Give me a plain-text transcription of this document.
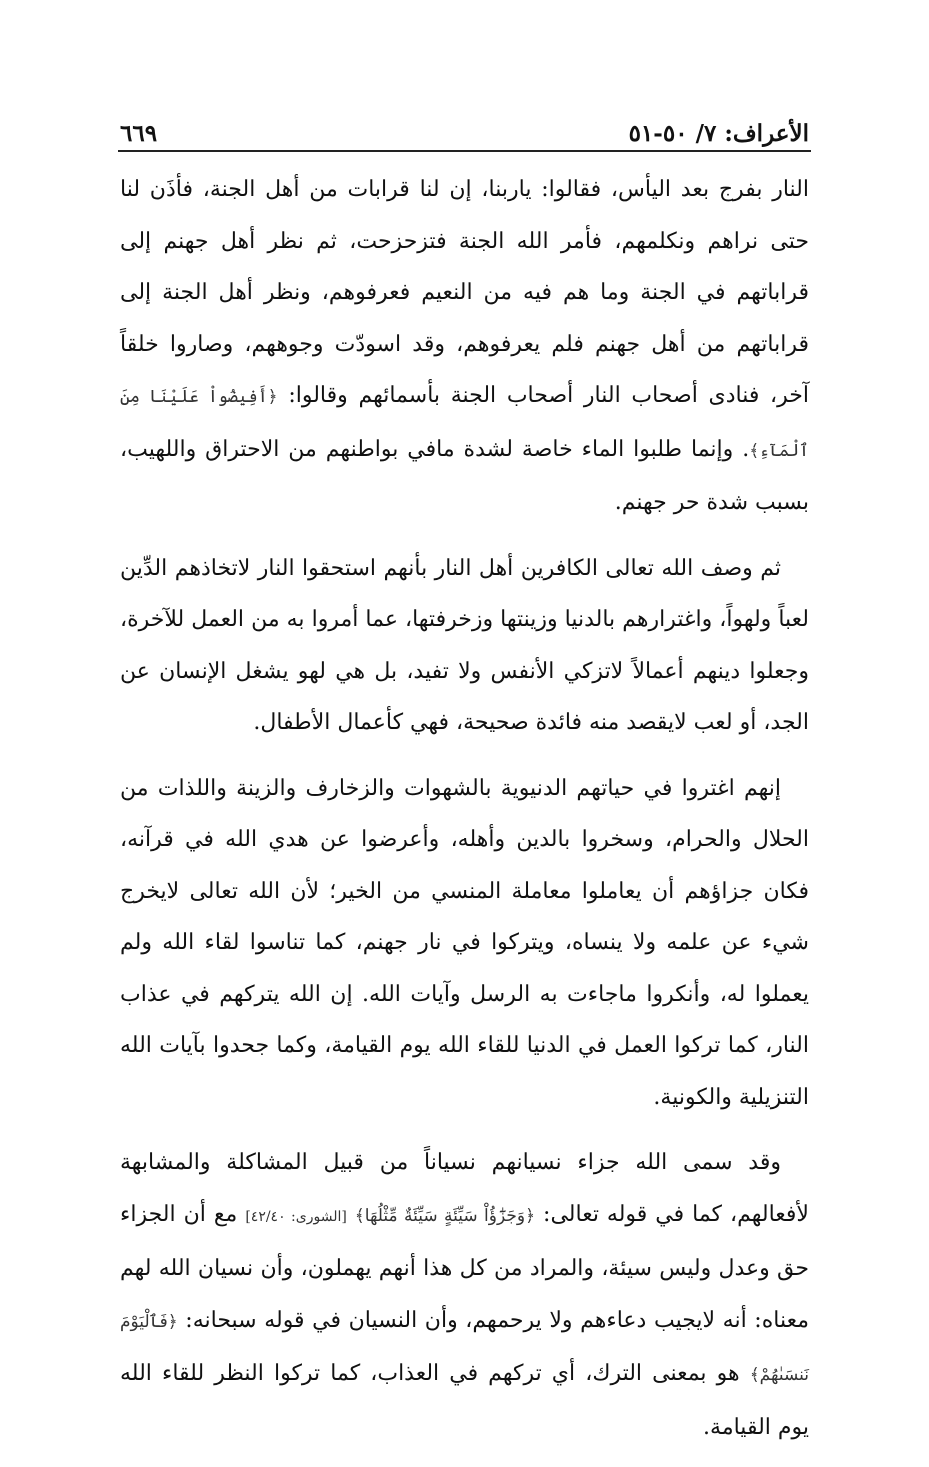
الأعراف: ٧/ ٥٠-٥١
٦٦٩

النار بفرج بعد اليأس، فقالوا: ياربنا، إن لنا قرابات من أهل الجنة، فأذَن لنا حتى نراهم ونكلمهم، فأمر الله الجنة فتزحزحت، ثم نظر أهل جهنم إلى قراباتهم في الجنة وما هم فيه من النعيم فعرفوهم، ونظر أهل الجنة إلى قراباتهم من أهل جهنم فلم يعرفوهم، وقد اسودّت وجوههم، وصاروا خلقاً آخر، فنادى أصحاب النار أصحاب الجنة بأسمائهم وقالوا: ﴿أَفِيضُواْ عَلَيْنَا مِنَ ٱلْمَآءِ﴾. وإنما طلبوا الماء خاصة لشدة مافي بواطنهم من الاحتراق واللهيب، بسبب شدة حر جهنم.

ثم وصف الله تعالى الكافرين أهل النار بأنهم استحقوا النار لاتخاذهم الدِّين لعباً ولهواً، واغترارهم بالدنيا وزينتها وزخرفتها، عما أمروا به من العمل للآخرة، وجعلوا دينهم أعمالاً لاتزكي الأنفس ولا تفيد، بل هي لهو يشغل الإنسان عن الجد، أو لعب لايقصد منه فائدة صحيحة، فهي كأعمال الأطفال.

إنهم اغتروا في حياتهم الدنيوية بالشهوات والزخارف والزينة واللذات من الحلال والحرام، وسخروا بالدين وأهله، وأعرضوا عن هدي الله في قرآنه، فكان جزاؤهم أن يعاملوا معاملة المنسي من الخير؛ لأن الله تعالى لايخرج شيء عن علمه ولا ينساه، ويتركوا في نار جهنم، كما تناسوا لقاء الله ولم يعملوا له، وأنكروا ماجاءت به الرسل وآيات الله. إن الله يتركهم في عذاب النار، كما تركوا العمل في الدنيا للقاء الله يوم القيامة، وكما جحدوا بآيات الله التنزيلية والكونية.

وقد سمى الله جزاء نسيانهم نسياناً من قبيل المشاكلة والمشابهة لأفعالهم، كما في قوله تعالى: ﴿وَجَزَٰٓؤُاْ سَيِّئَةٍ سَيِّئَةٌ مِّثْلُهَا﴾ [الشورى: ٤٢/٤٠] مع أن الجزاء حق وعدل وليس سيئة، والمراد من كل هذا أنهم يهملون، وأن نسيان الله لهم معناه: أنه لايجيب دعاءهم ولا يرحمهم، وأن النسيان في قوله سبحانه: ﴿فَٱلْيَوْمَ نَنسَىٰهُمْ﴾ هو بمعنى الترك، أي تركهم في العذاب، كما تركوا النظر للقاء الله يوم القيامة.
